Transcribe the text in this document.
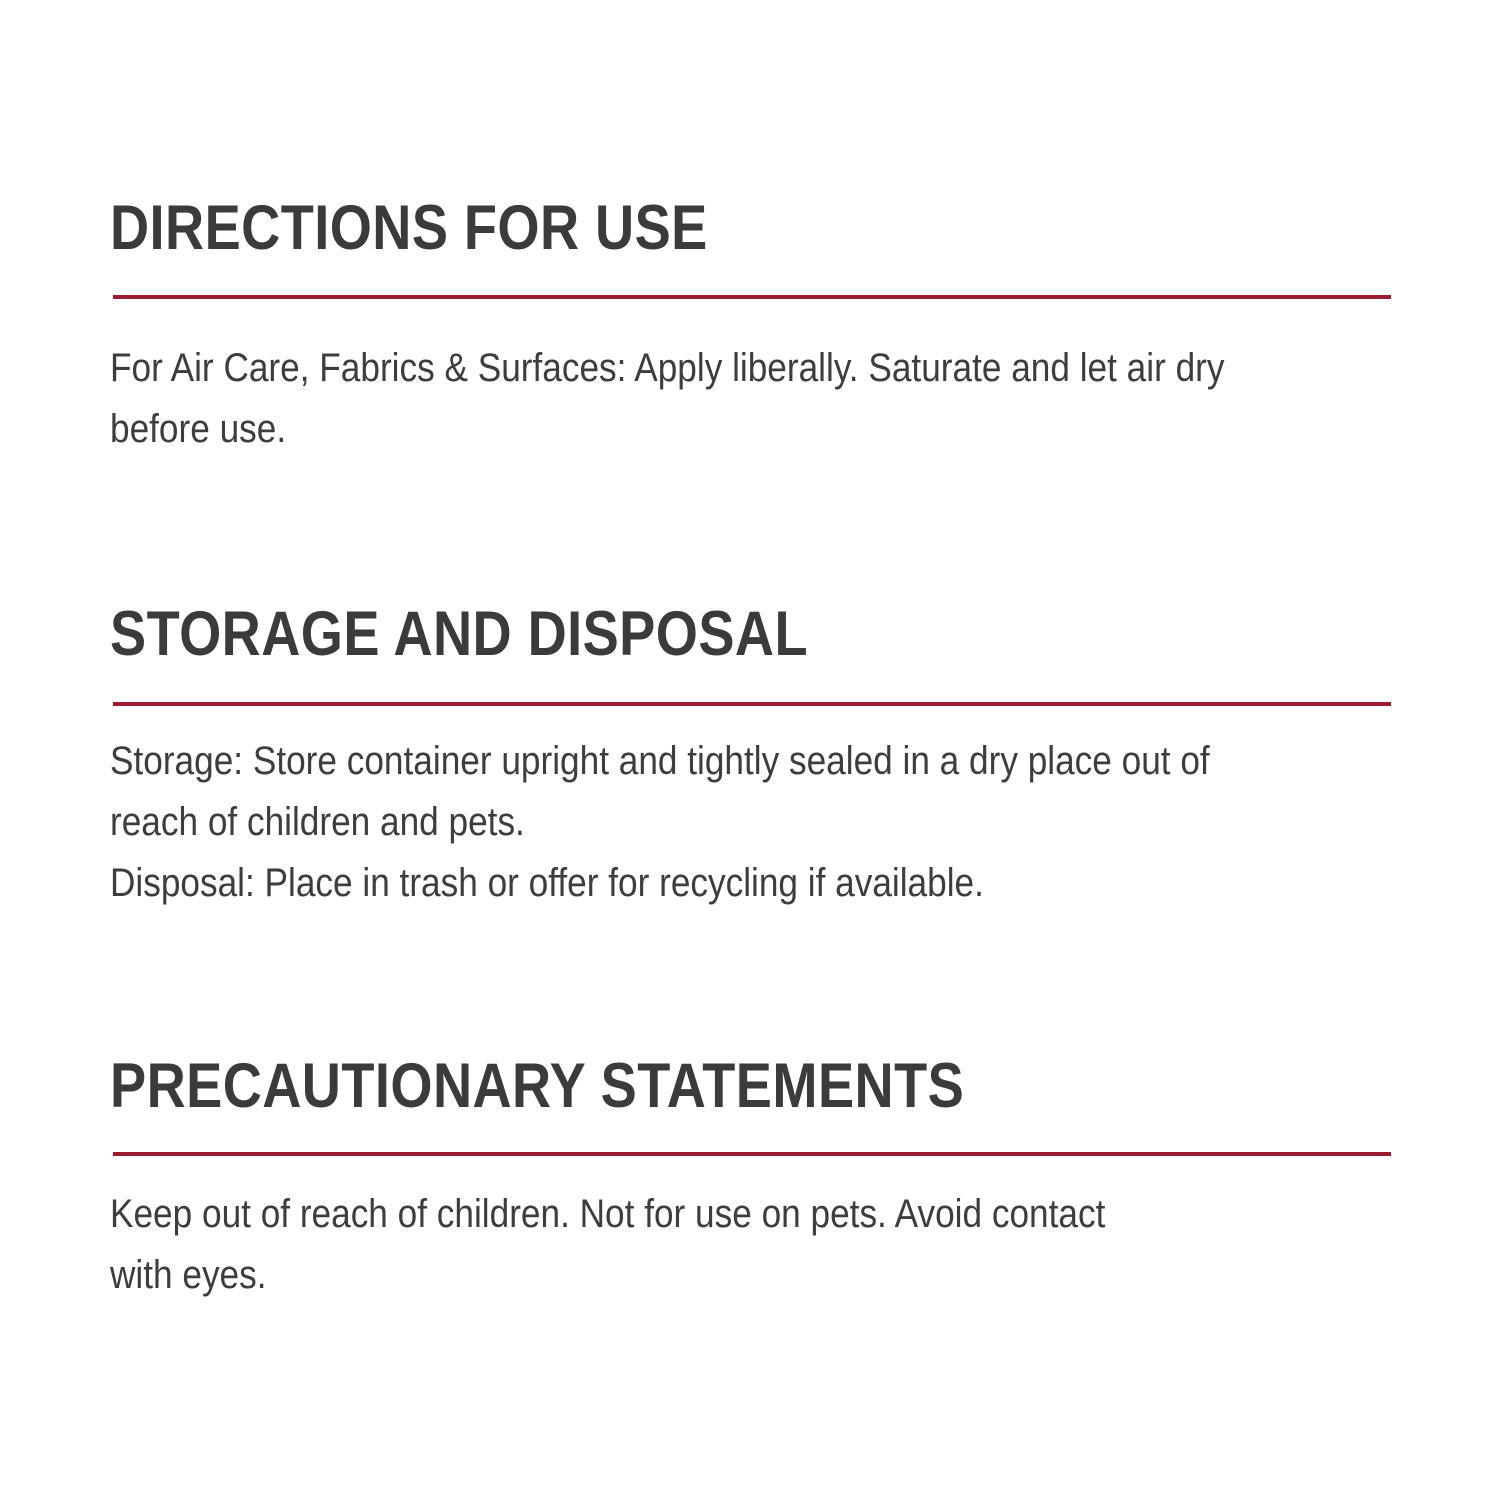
DIRECTIONS FOR USE

For Air Care, Fabrics & Surfaces: Apply liberally. Saturate and let air dry
before use.

STORAGE AND DISPOSAL

Storage: Store container upright and tightly sealed in a dry place out of
reach of children and pets.
Disposal: Place in trash or offer for recycling if available.

PRECAUTIONARY STATEMENTS

Keep out of reach of children. Not for use on pets. Avoid contact
with eyes.
